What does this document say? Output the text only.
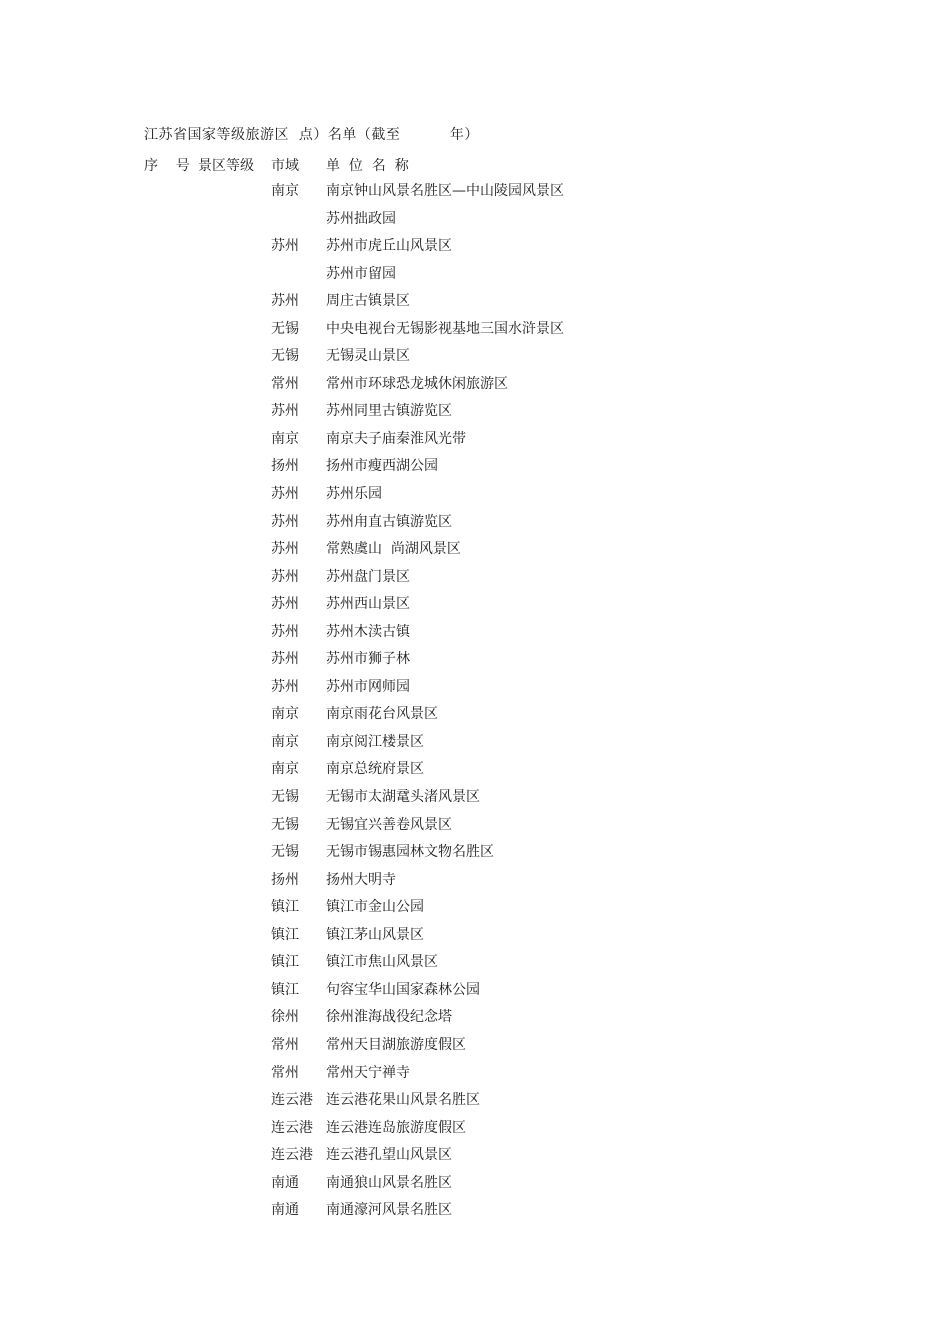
江苏省国家等级旅游区  点）名单（截至          年）
序    号 景区等级 市域 单  位  名  称
南京 南京钟山风景名胜区—中山陵园风景区
苏州拙政园
苏州 苏州市虎丘山风景区
苏州市留园
苏州 周庄古镇景区
无锡 中央电视台无锡影视基地三国水浒景区
无锡 无锡灵山景区
常州 常州市环球恐龙城休闲旅游区
苏州 苏州同里古镇游览区
南京 南京夫子庙秦淮风光带
扬州 扬州市瘦西湖公园
苏州 苏州乐园
苏州 苏州甪直古镇游览区
苏州 常熟虞山  尚湖风景区
苏州 苏州盘门景区
苏州 苏州西山景区
苏州 苏州木渎古镇
苏州 苏州市狮子林
苏州 苏州市网师园
南京 南京雨花台风景区
南京 南京阅江楼景区
南京 南京总统府景区
无锡 无锡市太湖鼋头渚风景区
无锡 无锡宜兴善卷风景区
无锡 无锡市锡惠园林文物名胜区
扬州 扬州大明寺
镇江 镇江市金山公园
镇江 镇江茅山风景区
镇江 镇江市焦山风景区
镇江 句容宝华山国家森林公园
徐州 徐州淮海战役纪念塔
常州 常州天目湖旅游度假区
常州 常州天宁禅寺
连云港 连云港花果山风景名胜区
连云港 连云港连岛旅游度假区
连云港 连云港孔望山风景区
南通 南通狼山风景名胜区
南通 南通濠河风景名胜区
